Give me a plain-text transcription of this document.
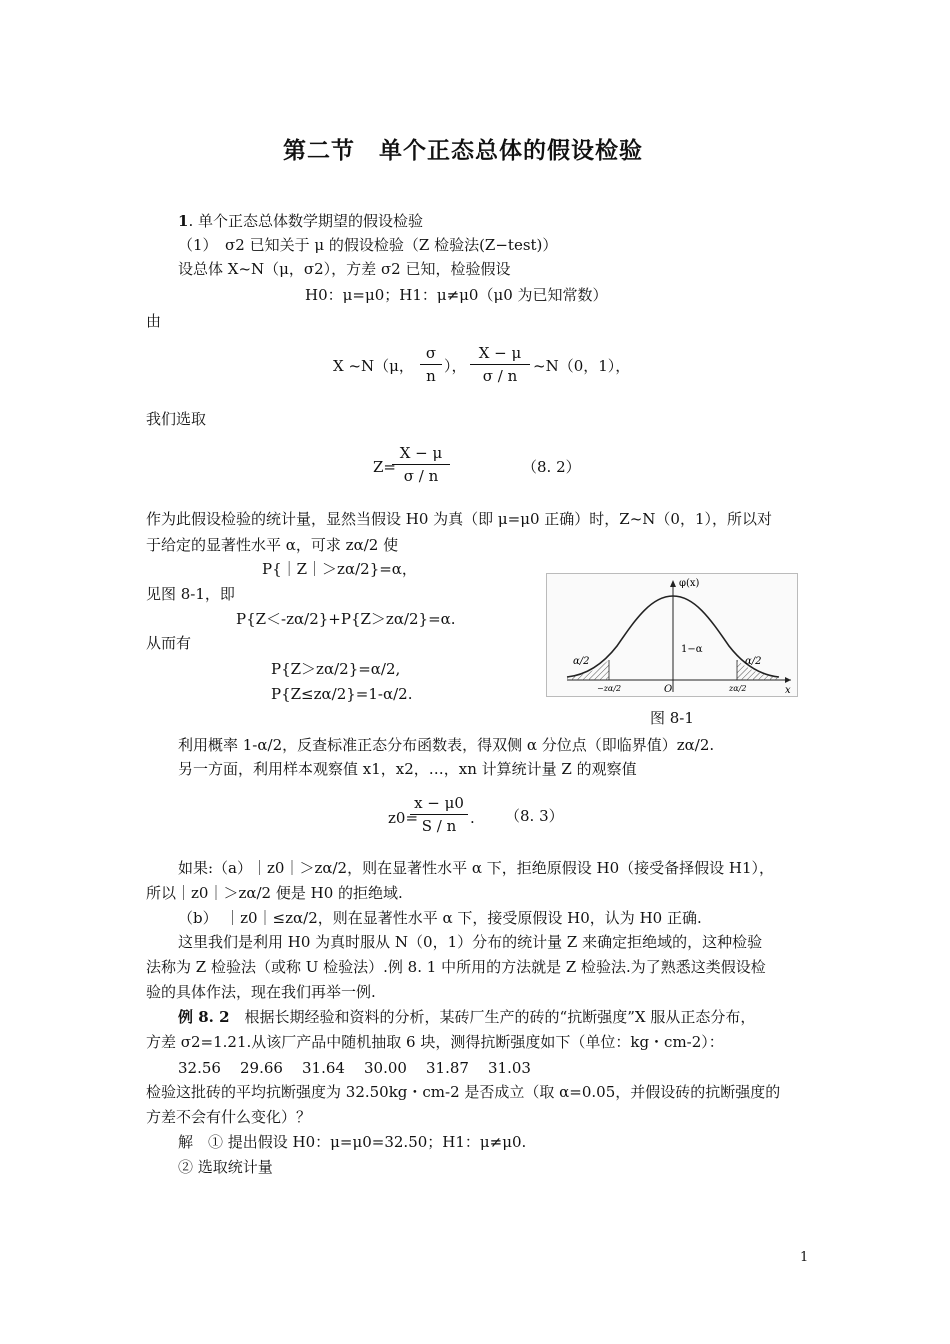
第二节　单个正态总体的假设检验
1. 单个正态总体数学期望的假设检验
（1）　σ2 已知关于 μ 的假设检验（Z 检验法(Z−test)）
设总体 X~N（μ，σ2），方差 σ2 已知，检验假设
H0：μ=μ0；H1：μ≠μ0（μ0 为已知常数）
由
X ~N（μ， $\frac{\sigma}{n}$ ）， $\frac{X - \mu}{\sigma / n}$ ~N（0，1），
我们选取
Z=
$\frac{X - \mu}{\sigma / n}$	（8. 2）
作为此假设检验的统计量，显然当假设 H0 为真（即 μ=μ0 正确）时，Z~N（0，1），所以对
于给定的显著性水平 α，可求 zα/2 使
P{｜Z｜＞zα/2}=α，
见图 8-1，即
P{Z＜-zα/2}+P{Z＞zα/2}=α.
从而有
P{Z＞zα/2}=α/2,
P{Z≤zα/2}=1-α/2.
φ(x)
x
O
1−α
α/2	α/2
−zα/2	zα/2
图 8-1
利用概率 1-α/2，反查标准正态分布函数表，得双侧 α 分位点（即临界值）zα/2.
另一方面，利用样本观察值 x1，x2，…，xn 计算统计量 Z 的观察值
z0=
$\frac{x - \mu 0}{S / n}$ . （8. 3）
如果:（a）｜z0｜＞zα/2，则在显著性水平 α 下，拒绝原假设 H0（接受备择假设 H1），
所以｜z0｜＞zα/2 便是 H0 的拒绝域.
（b）　｜z0｜≤zα/2，则在显著性水平 α 下，接受原假设 H0，认为 H0 正确.
这里我们是利用 H0 为真时服从 N（0，1）分布的统计量 Z 来确定拒绝域的，这种检验
法称为 Z 检验法（或称 U 检验法）.例 8. 1 中所用的方法就是 Z 检验法.为了熟悉这类假设检
验的具体作法，现在我们再举一例.
例 8. 2　根据长期经验和资料的分析，某砖厂生产的砖的“抗断强度”X 服从正态分布，
方差 σ2=1.21.从该厂产品中随机抽取 6 块，测得抗断强度如下（单位：kg・cm-2）：
32.56 29.66 31.64 30.00 31.87 31.03
检验这批砖的平均抗断强度为 32.50kg・cm-2 是否成立（取 α=0.05，并假设砖的抗断强度的
方差不会有什么变化）？
解　① 提出假设 H0：μ=μ0=32.50；H1：μ≠μ0.
② 选取统计量
1
